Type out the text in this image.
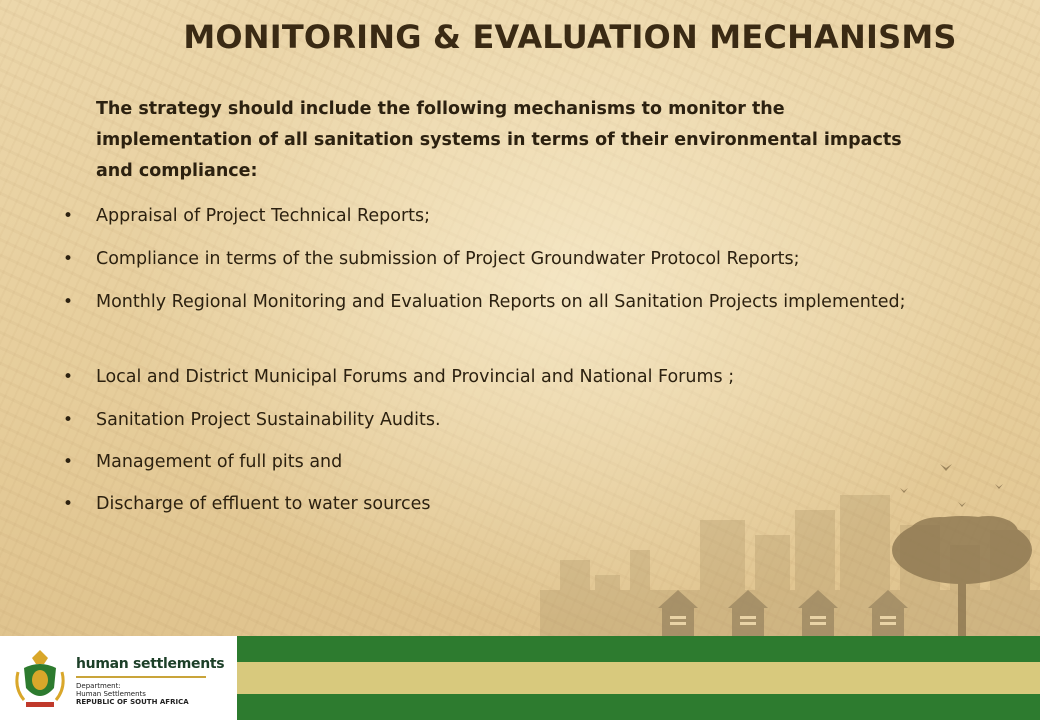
MONITORING & EVALUATION MECHANISMS
The strategy should include the following mechanisms to monitor the implementation of all sanitation systems in terms of their environmental impacts and compliance:
• Appraisal of Project Technical Reports;
• Compliance in terms of the submission of Project Groundwater Protocol Reports;
• Monthly Regional Monitoring and Evaluation Reports on all Sanitation Projects implemented;
• Local and District Municipal Forums and Provincial and National Forums ;
• Sanitation Project Sustainability Audits.
• Management of full pits and
• Discharge of effluent to water sources
human settlements
Department:
Human Settlements
REPUBLIC OF SOUTH AFRICA
